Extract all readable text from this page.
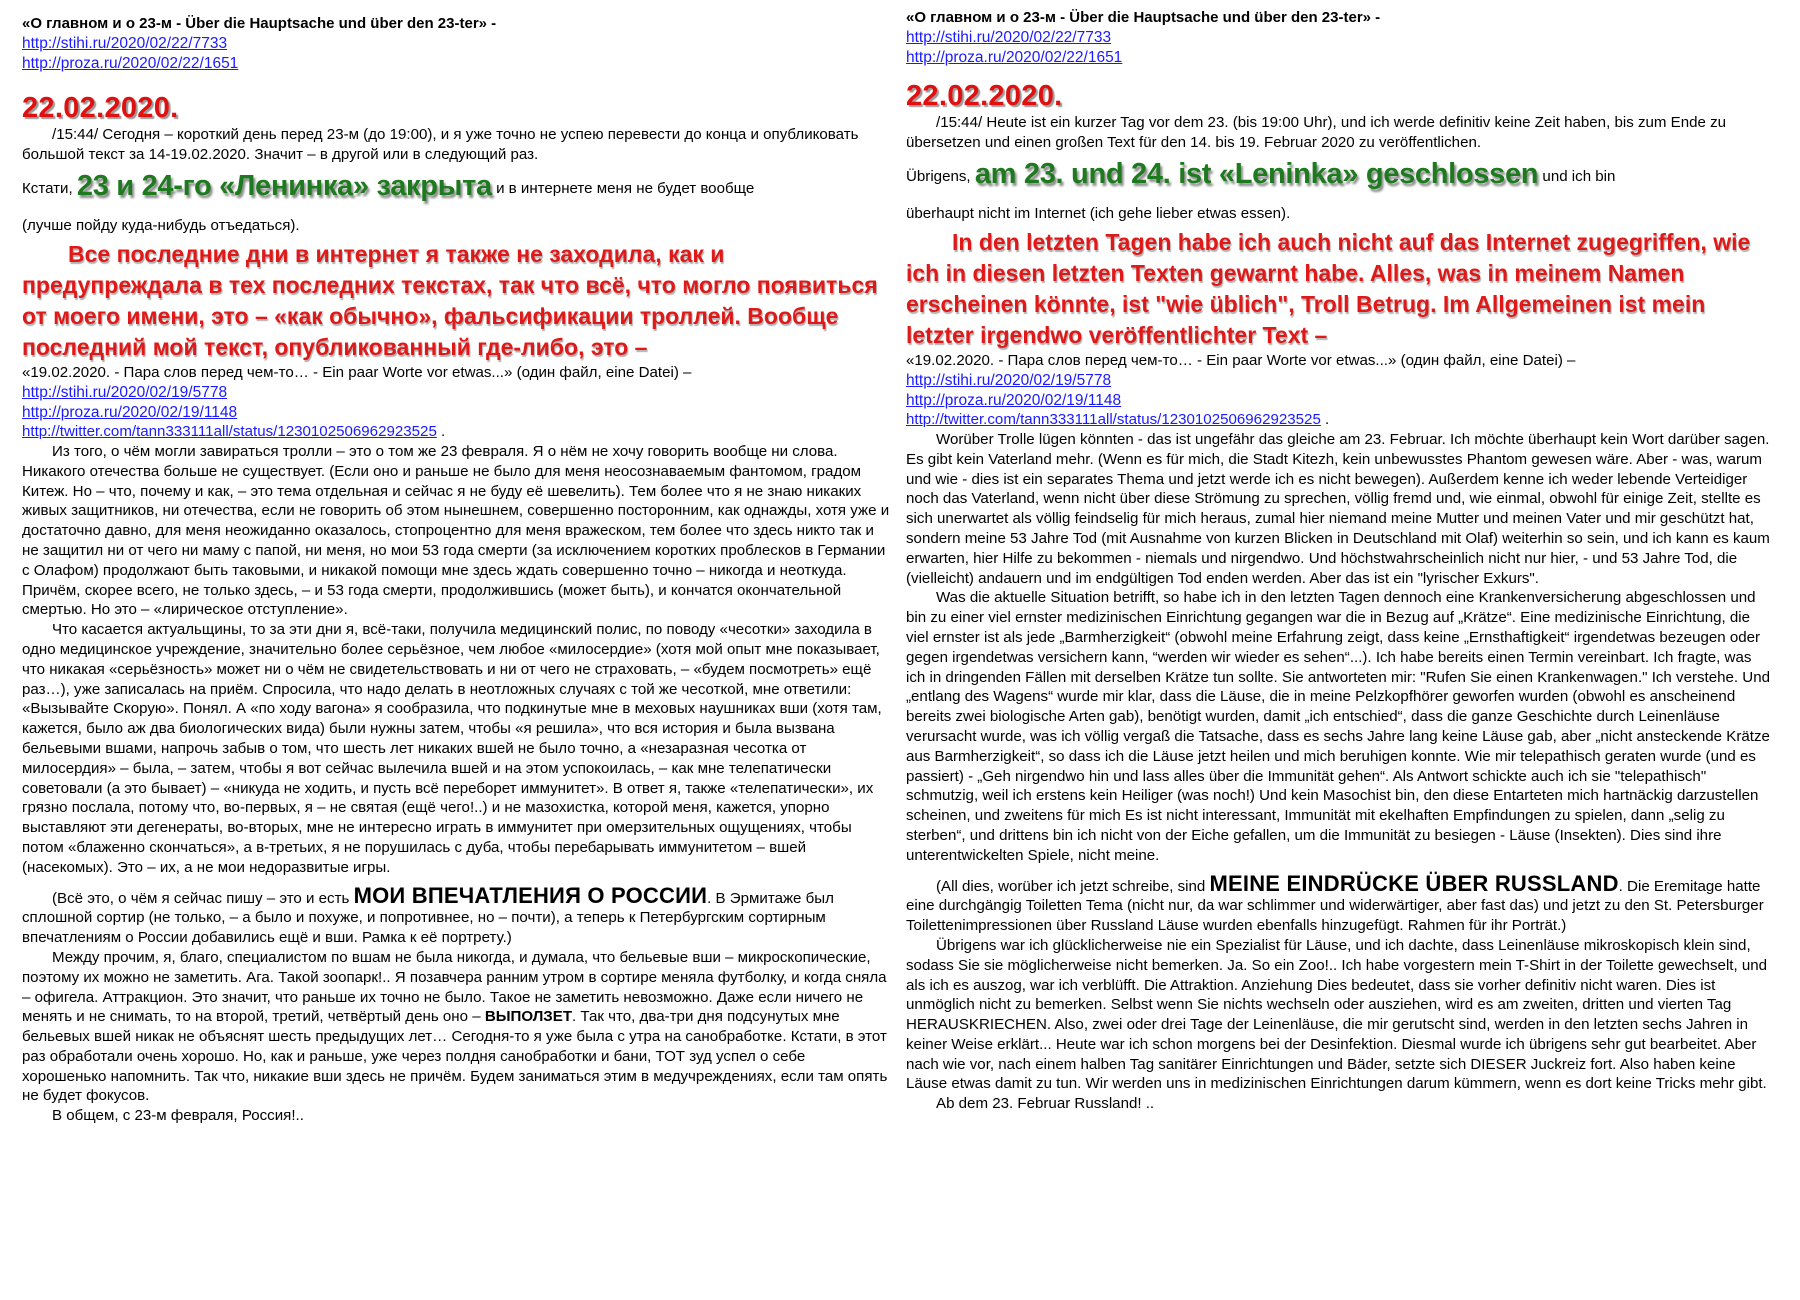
«О главном и о 23-м - Über die Hauptsache und über den 23-ter» -

http://stihi.ru/2020/02/22/7733
http://proza.ru/2020/02/22/1651

22.02.2020.

/15:44/ Сегодня – короткий день перед 23-м (до 19:00), и я уже точно не успею перевести до конца и опубликовать большой текст за 14-19.02.2020. Значит – в другой или в следующий раз.

Кстати, 23 и 24-го «Ленинка» закрыта и в интернете меня не будет вообще

(лучше пойду куда-нибудь отъедаться).

Все последние дни в интернет я также не заходила, как и предупреждала в тех последних текстах, так что всё, что могло появиться от моего имени, это – «как обычно», фальсификации троллей. Вообще последний мой текст, опубликованный где-либо, это –

«19.02.2020. - Пара слов перед чем-то… - Ein paar Worte vor etwas...» (один файл, eine Datei) –

http://stihi.ru/2020/02/19/5778
http://proza.ru/2020/02/19/1148

http://twitter.com/tann333111all/status/1230102506962923525 .

Из того, о чём могли завираться тролли – это о том же 23 февраля. Я о нём не хочу говорить вообще ни слова. Никакого отечества больше не существует. (Если оно и раньше не было для меня неосознаваемым фантомом, градом Китеж. Но – что, почему и как, – это тема отдельная и сейчас я не буду её шевелить). Тем более что я не знаю никаких живых защитников, ни отечества, если не говорить об этом нынешнем, совершенно посторонним, как однажды, хотя уже и достаточно давно, для меня неожиданно оказалось, стопроцентно для меня вражеском, тем более что здесь никто так и не защитил ни от чего ни маму с папой, ни меня, но мои 53 года смерти (за исключением коротких проблесков в Германии с Олафом) продолжают быть таковыми, и никакой помощи мне здесь ждать совершенно точно – никогда и неоткуда. Причём, скорее всего, не только здесь, – и 53 года смерти, продолжившись (может быть), и кончатся окончательной смертью. Но это – «лирическое отступление».

Что касается актуальщины, то за эти дни я, всё-таки, получила медицинский полис, по поводу «чесотки» заходила в одно медицинское учреждение, значительно более серьёзное, чем любое «милосердие» (хотя мой опыт мне показывает, что никакая «серьёзность» может ни о чём не свидетельствовать и ни от чего не страховать, – «будем посмотреть» ещё раз…), уже записалась на приём. Спросила, что надо делать в неотложных случаях с той же чесоткой, мне ответили: «Вызывайте Скорую». Понял. А «по ходу вагона» я сообразила, что подкинутые мне в меховых наушниках вши (хотя там, кажется, было аж два биологических вида) были нужны затем, чтобы «я решила», что вся история и была вызвана бельевыми вшами, напрочь забыв о том, что шесть лет никаких вшей не было точно, а «незаразная чесотка от милосердия» – была, – затем, чтобы я вот сейчас вылечила вшей и на этом успокоилась, – как мне телепатически советовали (а это бывает) – «никуда не ходить, и пусть всё переборет иммунитет». В ответ я, также «телепатически», их грязно послала, потому что, во-первых, я – не святая (ещё чего!..) и не мазохистка, которой меня, кажется, упорно выставляют эти дегенераты, во-вторых, мне не интересно играть в иммунитет при омерзительных ощущениях, чтобы потом «блаженно скончаться», а в-третьих, я не порушилась с дуба, чтобы перебарывать иммунитетом – вшей (насекомых). Это – их, а не мои недоразвитые игры.

(Всё это, о чём я сейчас пишу – это и есть МОИ ВПЕЧАТЛЕНИЯ О РОССИИ. В Эрмитаже был сплошной сортир (не только, – а было и похуже, и попротивнее, но – почти), а теперь к Петербургским сортирным впечатлениям о России добавились ещё и вши. Рамка к её портрету.)

Между прочим, я, благо, специалистом по вшам не была никогда, и думала, что бельевые вши – микроскопические, поэтому их можно не заметить. Ага. Такой зоопарк!.. Я позавчера ранним утром в сортире меняла футболку, и когда сняла – офигела. Аттракцион. Это значит, что раньше их точно не было. Такое не заметить невозможно. Даже если ничего не менять и не снимать, то на второй, третий, четвёртый день оно – ВЫПОЛЗЕТ. Так что, два-три дня подсунутых мне бельевых вшей никак не объяснят шесть предыдущих лет… Сегодня-то я уже была с утра на санобработке. Кстати, в этот раз обработали очень хорошо. Но, как и раньше, уже через полдня санобработки и бани, ТОТ зуд успел о себе хорошенько напомнить. Так что, никакие вши здесь не причём. Будем заниматься этим в медучреждениях, если там опять не будет фокусов.

В общем, с 23-м февраля, Россия!..

«О главном и о 23-м - Über die Hauptsache und über den 23-ter» -

http://stihi.ru/2020/02/22/7733
http://proza.ru/2020/02/22/1651

22.02.2020.

/15:44/ Heute ist ein kurzer Tag vor dem 23. (bis 19:00 Uhr), und ich werde definitiv keine Zeit haben, bis zum Ende zu übersetzen und einen großen Text für den 14. bis 19. Februar 2020 zu veröffentlichen.

Übrigens, am 23. und 24. ist «Leninka» geschlossen und ich bin

überhaupt nicht im Internet (ich gehe lieber etwas essen).

In den letzten Tagen habe ich auch nicht auf das Internet zugegriffen, wie ich in diesen letzten Texten gewarnt habe. Alles, was in meinem Namen erscheinen könnte, ist "wie üblich", Troll Betrug. Im Allgemeinen ist mein letzter irgendwo veröffentlichter Text –

«19.02.2020. - Пара слов перед чем-то… - Ein paar Worte vor etwas...» (один файл, eine Datei) –

http://stihi.ru/2020/02/19/5778
http://proza.ru/2020/02/19/1148

http://twitter.com/tann333111all/status/1230102506962923525 .

Worüber Trolle lügen könnten - das ist ungefähr das gleiche am 23. Februar. Ich möchte überhaupt kein Wort darüber sagen. Es gibt kein Vaterland mehr. (Wenn es für mich, die Stadt Kitezh, kein unbewusstes Phantom gewesen wäre. Aber - was, warum und wie - dies ist ein separates Thema und jetzt werde ich es nicht bewegen). Außerdem kenne ich weder lebende Verteidiger noch das Vaterland, wenn nicht über diese Strömung zu sprechen, völlig fremd und, wie einmal, obwohl für einige Zeit, stellte es sich unerwartet als völlig feindselig für mich heraus, zumal hier niemand meine Mutter und meinen Vater und mir geschützt hat, sondern meine 53 Jahre Tod (mit Ausnahme von kurzen Blicken in Deutschland mit Olaf) weiterhin so sein, und ich kann es kaum erwarten, hier Hilfe zu bekommen - niemals und nirgendwo. Und höchstwahrscheinlich nicht nur hier, - und 53 Jahre Tod, die (vielleicht) andauern und im endgültigen Tod enden werden. Aber das ist ein "lyrischer Exkurs".

Was die aktuelle Situation betrifft, so habe ich in den letzten Tagen dennoch eine Krankenversicherung abgeschlossen und bin zu einer viel ernster medizinischen Einrichtung gegangen war die in Bezug auf „Krätze“. Eine medizinische Einrichtung, die viel ernster ist als jede „Barmherzigkeit“ (obwohl meine Erfahrung zeigt, dass keine „Ernsthaftigkeit“ irgendetwas bezeugen oder gegen irgendetwas versichern kann, “werden wir wieder es sehen“...). Ich habe bereits einen Termin vereinbart. Ich fragte, was ich in dringenden Fällen mit derselben Krätze tun sollte. Sie antworteten mir: "Rufen Sie einen Krankenwagen." Ich verstehe. Und „entlang des Wagens“ wurde mir klar, dass die Läuse, die in meine Pelzkopfhörer geworfen wurden (obwohl es anscheinend bereits zwei biologische Arten gab), benötigt wurden, damit „ich entschied“, dass die ganze Geschichte durch Leinenläuse verursacht wurde, was ich völlig vergaß die Tatsache, dass es sechs Jahre lang keine Läuse gab, aber „nicht ansteckende Krätze aus Barmherzigkeit“, so dass ich die Läuse jetzt heilen und mich beruhigen konnte. Wie mir telepathisch geraten wurde (und es passiert) - „Geh nirgendwo hin und lass alles über die Immunität gehen“. Als Antwort schickte auch ich sie "telepathisch" schmutzig, weil ich erstens kein Heiliger (was noch!) Und kein Masochist bin, den diese Entarteten mich hartnäckig darzustellen scheinen, und zweitens für mich Es ist nicht interessant, Immunität mit ekelhaften Empfindungen zu spielen, dann „selig zu sterben“, und drittens bin ich nicht von der Eiche gefallen, um die Immunität zu besiegen - Läuse (Insekten). Dies sind ihre unterentwickelten Spiele, nicht meine.

(All dies, worüber ich jetzt schreibe, sind MEINE EINDRÜCKE ÜBER RUSSLAND. Die Eremitage hatte eine durchgängig Toiletten Tema (nicht nur, da war schlimmer und widerwärtiger, aber fast das) und jetzt zu den St. Petersburger Toilettenimpressionen über Russland Läuse wurden ebenfalls hinzugefügt. Rahmen für ihr Porträt.)

Übrigens war ich glücklicherweise nie ein Spezialist für Läuse, und ich dachte, dass Leinenläuse mikroskopisch klein sind, sodass Sie sie möglicherweise nicht bemerken. Ja. So ein Zoo!.. Ich habe vorgestern mein T-Shirt in der Toilette gewechselt, und als ich es auszog, war ich verblüfft. Die Attraktion. Anziehung Dies bedeutet, dass sie vorher definitiv nicht waren. Dies ist unmöglich nicht zu bemerken. Selbst wenn Sie nichts wechseln oder ausziehen, wird es am zweiten, dritten und vierten Tag HERAUSKRIECHEN. Also, zwei oder drei Tage der Leinenläuse, die mir gerutscht sind, werden in den letzten sechs Jahren in keiner Weise erklärt... Heute war ich schon morgens bei der Desinfektion. Diesmal wurde ich übrigens sehr gut bearbeitet. Aber nach wie vor, nach einem halben Tag sanitärer Einrichtungen und Bäder, setzte sich DIESER Juckreiz fort. Also haben keine Läuse etwas damit zu tun. Wir werden uns in medizinischen Einrichtungen darum kümmern, wenn es dort keine Tricks mehr gibt.

Ab dem 23. Februar Russland! ..
